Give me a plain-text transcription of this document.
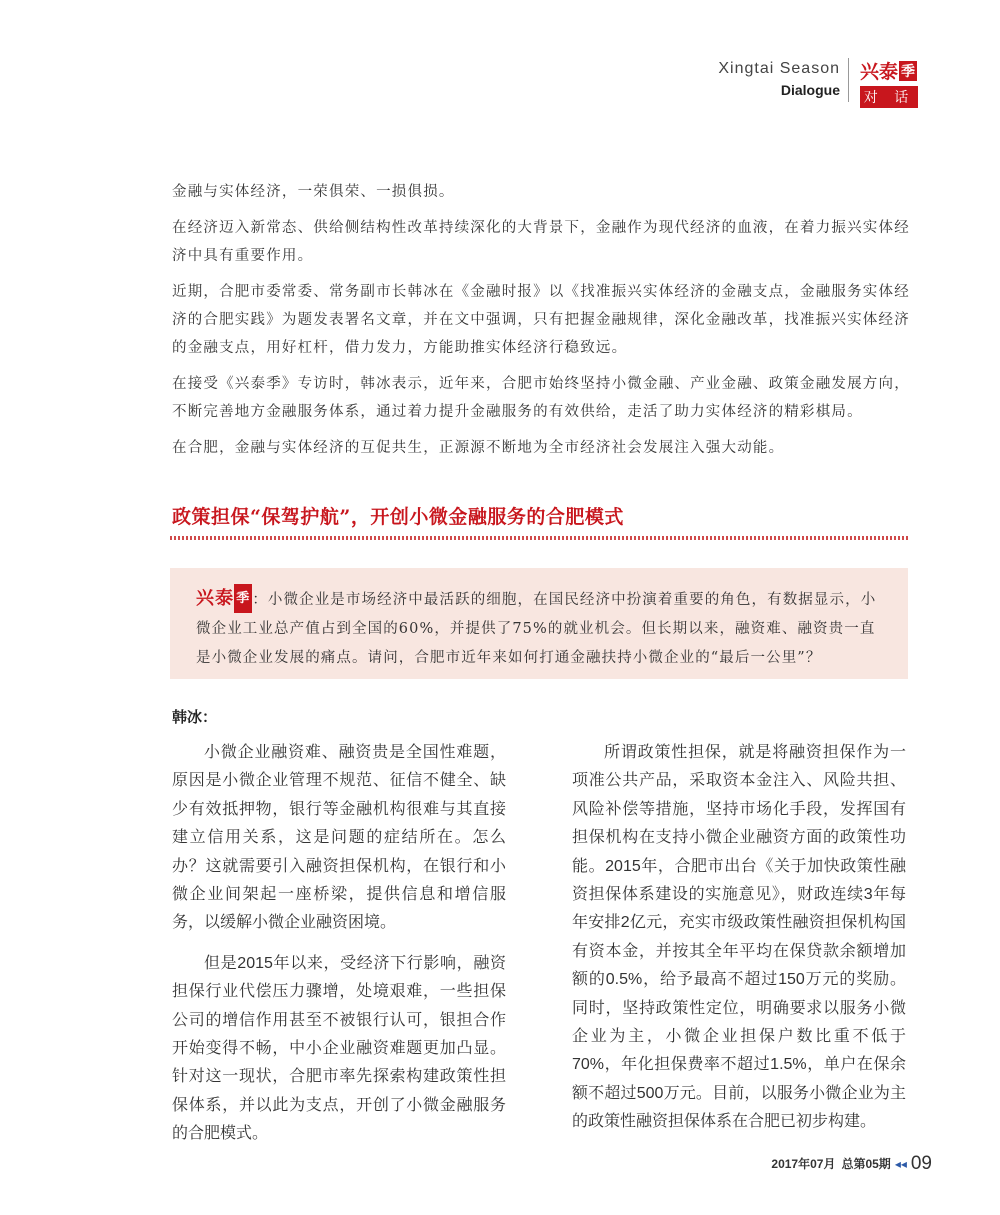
Xingtai Season
Dialogue
兴泰 季
对 话

金融与实体经济，一荣俱荣、一损俱损。

在经济迈入新常态、供给侧结构性改革持续深化的大背景下，金融作为现代经济的血液，在着力振兴实体经济中具有重要作用。

近期，合肥市委常委、常务副市长韩冰在《金融时报》以《找准振兴实体经济的金融支点，金融服务实体经济的合肥实践》为题发表署名文章，并在文中强调，只有把握金融规律，深化金融改革，找准振兴实体经济的金融支点，用好杠杆，借力发力，方能助推实体经济行稳致远。

在接受《兴泰季》专访时，韩冰表示，近年来，合肥市始终坚持小微金融、产业金融、政策金融发展方向，不断完善地方金融服务体系，通过着力提升金融服务的有效供给，走活了助力实体经济的精彩棋局。

在合肥，金融与实体经济的互促共生，正源源不断地为全市经济社会发展注入强大动能。

政策担保“保驾护航”，开创小微金融服务的合肥模式
兴泰 季 ：小微企业是市场经济中最活跃的细胞，在国民经济中扮演着重要的角色，有数据显示，小微企业工业总产值占到全国的60%，并提供了75%的就业机会。但长期以来，融资难、融资贵一直是小微企业发展的痛点。请问，合肥市近年来如何打通金融扶持小微企业的“最后一公里”？
韩冰：

小微企业融资难、融资贵是全国性难题，原因是小微企业管理不规范、征信不健全、缺少有效抵押物，银行等金融机构很难与其直接建立信用关系，这是问题的症结所在。怎么办？这就需要引入融资担保机构，在银行和小微企业间架起一座桥梁，提供信息和增信服务，以缓解小微企业融资困境。

但是2015年以来，受经济下行影响，融资担保行业代偿压力骤增，处境艰难，一些担保公司的增信作用甚至不被银行认可，银担合作开始变得不畅，中小企业融资难题更加凸显。针对这一现状，合肥市率先探索构建政策性担保体系，并以此为支点，开创了小微金融服务的合肥模式。

所谓政策性担保，就是将融资担保作为一项准公共产品，采取资本金注入、风险共担、风险补偿等措施，坚持市场化手段，发挥国有担保机构在支持小微企业融资方面的政策性功能。2015年，合肥市出台《关于加快政策性融资担保体系建设的实施意见》，财政连续3年每年安排2亿元，充实市级政策性融资担保机构国有资本金，并按其全年平均在保贷款余额增加额的0.5%，给予最高不超过150万元的奖励。同时，坚持政策性定位，明确要求以服务小微企业为主，小微企业担保户数比重不低于70%，年化担保费率不超过1.5%，单户在保余额不超过500万元。目前，以服务小微企业为主的政策性融资担保体系在合肥已初步构建。

2017年07月 总第05期 ◂◂ 09
